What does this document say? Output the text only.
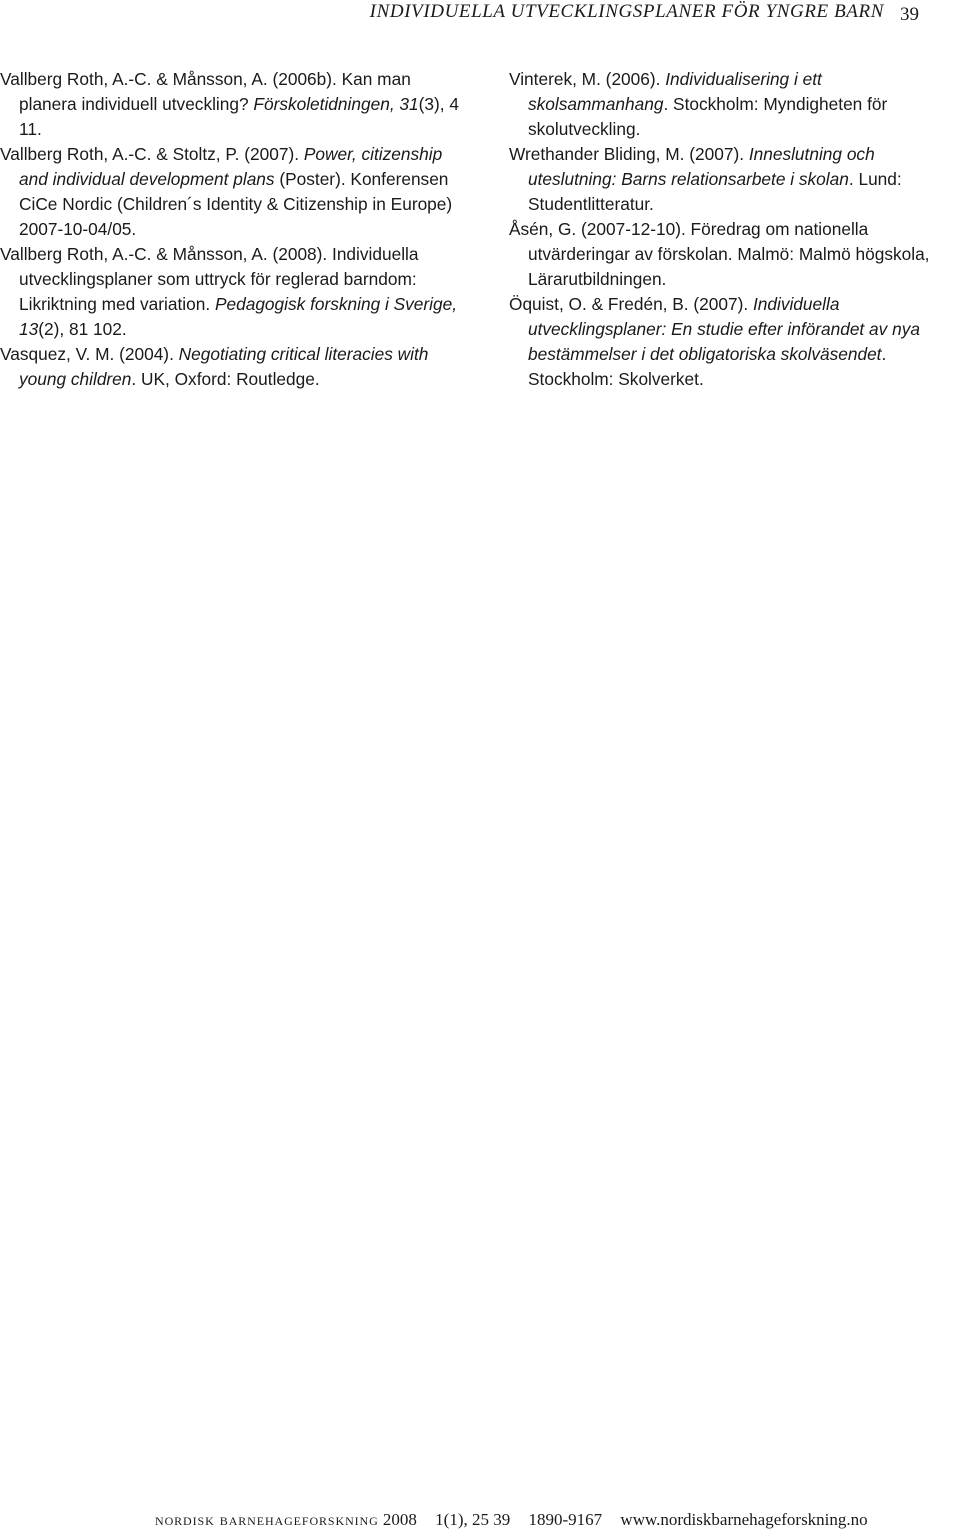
INDIVIDUELLA UTVECKLINGSPLANER FÖR YNGRE BARN 39

Vallberg Roth, A.-C. & Månsson, A. (2006b). Kan man planera individuell utveckling? Förskoletidningen, 31(3), 4 11.

Vallberg Roth, A.-C. & Stoltz, P. (2007). Power, citizenship and individual development plans (Poster). Konferensen CiCe Nordic (Children´s Identity & Citizenship in Europe) 2007-10-04/05.

Vallberg Roth, A.-C. & Månsson, A. (2008). Individuella utvecklingsplaner som uttryck för reglerad barndom: Likriktning med variation. Pedagogisk forskning i Sverige, 13(2), 81 102.

Vasquez, V. M. (2004). Negotiating critical literacies with young children. UK, Oxford: Routledge.

Vinterek, M. (2006). Individualisering i ett skolsammanhang. Stockholm: Myndigheten för skolutveckling.

Wrethander Bliding, M. (2007). Inneslutning och uteslutning: Barns relationsarbete i skolan. Lund: Studentlitteratur.

Åsén, G. (2007-12-10). Föredrag om nationella utvärderingar av förskolan. Malmö: Malmö högskola, Lärarutbildningen.

Öquist, O. & Fredén, B. (2007). Individuella utvecklingsplaner: En studie efter införandet av nya bestämmelser i det obligatoriska skolväsendet. Stockholm: Skolverket.

nordisk barnehageforskning 2008 1(1), 25 39 1890-9167 www.nordiskbarnehageforskning.no
